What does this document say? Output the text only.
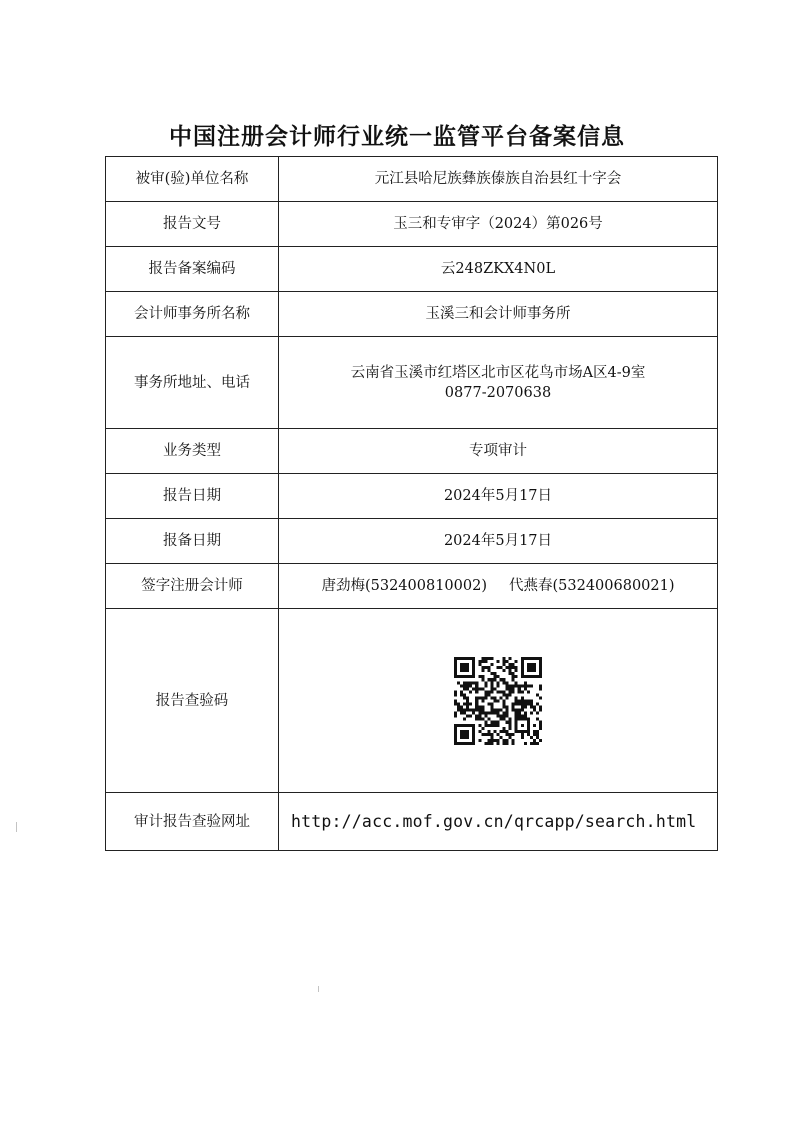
中国注册会计师行业统一监管平台备案信息
被审(验)单位名称	元江县哈尼族彝族傣族自治县红十字会
报告文号	玉三和专审字（2024）第026号
报告备案编码	云248ZKX4N0L
会计师事务所名称	玉溪三和会计师事务所
事务所地址、电话	云南省玉溪市红塔区北市区花鸟市场A区4-9室
0877-2070638

业务类型	专项审计
报告日期	2024年5月17日
报备日期	2024年5月17日
签字注册会计师	唐劲梅(532400810002) 代燕春(532400680021)
报告查验码	

审计报告查验网址	http://acc.mof.gov.cn/qrcapp/search.html
